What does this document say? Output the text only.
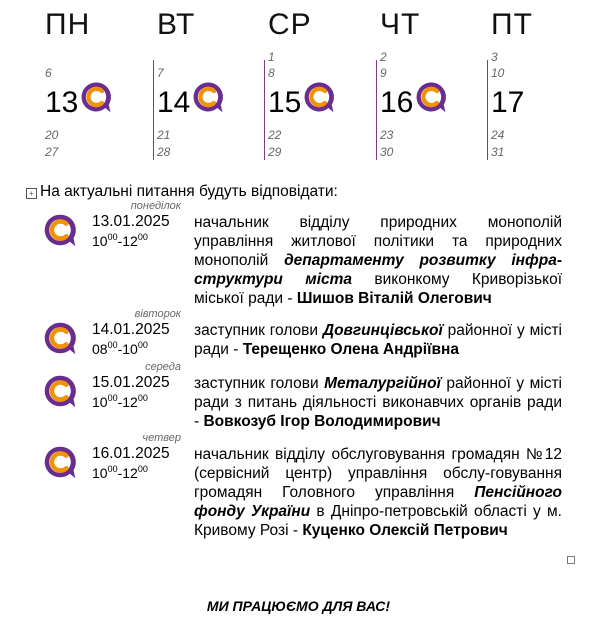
ПН
6
13
20
27
ВТ
7
14
21
28
СР
1
8
15
22
29
ЧТ
2
9
16
23
30
ПТ
3
10
17
24
31
+ На актуальні питання будуть відповідати:
понеділок
13.01.2025
$10^{00}-12^{00}$
начальник відділу природних монополій управління житлової політики та природних монополій департаменту розвитку інфра-структури міста виконкому Криворізької міської ради - Шишов Віталій Олегович
вівторок
14.01.2025
$08^{00}-10^{00}$
заступник голови Довгинцівської районної у місті ради - Терещенко Олена Андріївна
середа
15.01.2025
$10^{00}-12^{00}$
заступник голови Металургійної районної у місті ради з питань діяльності виконавчих органів ради - Вовкозуб Ігор Володимирович
четвер
16.01.2025
$10^{00}-12^{00}$
начальник відділу обслуговування громадян №12 (сервісний центр) управління обслу-говування громадян Головного управління Пенсійного фонду України в Дніпро-петровській області у м. Кривому Розі - Куценко Олексій Петрович
МИ ПРАЦЮЄМО ДЛЯ ВАС!
